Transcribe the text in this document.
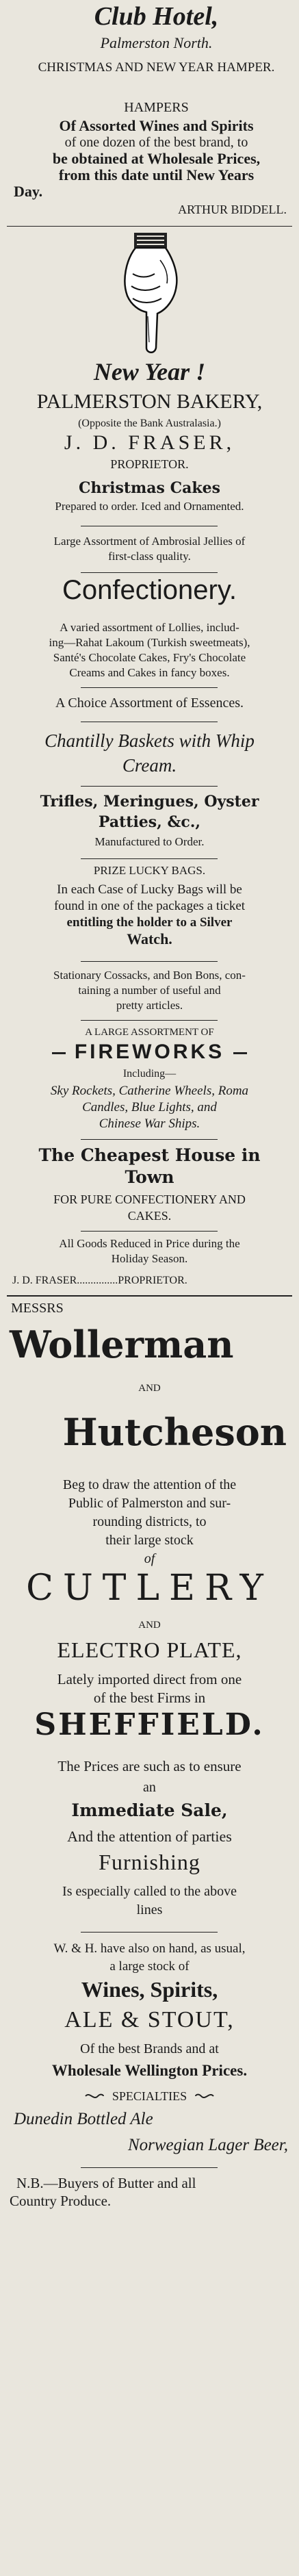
Club Hotel,
Palmerston North.
CHRISTMAS AND NEW YEAR HAMPER.
HAMPERS
Of Assorted Wines and Spirits
of one dozen of the best brand, to
be obtained at Wholesale Prices,
from this date until New Years
Day.
ARTHUR BIDDELL.
New Year !
PALMERSTON BAKERY,
(Opposite the Bank Australasia.)
J. D. FRASER,
PROPRIETOR.
Christmas Cakes
Prepared to order. Iced and Ornamented.
Large Assortment of Ambrosial Jellies of
first-class quality.
Confectionery.
A varied assortment of Lollies, includ-
ing—Rahat Lakoum (Turkish sweetmeats),
Santé's Chocolate Cakes, Fry's Chocolate
Creams and Cakes in fancy boxes.
A Choice Assortment of Essences.
Chantilly Baskets with Whip
Cream.
Trifles, Meringues, Oyster
Patties, &c.,
Manufactured to Order.
PRIZE LUCKY BAGS.
In each Case of Lucky Bags will be
found in one of the packages a ticket
entitling the holder to a Silver
Watch.
Stationary Cossacks, and Bon Bons, con-
taining a number of useful and
pretty articles.
A LARGE ASSORTMENT OF
FIREWORKS
Including—
Sky Rockets, Catherine Wheels, Roma
Candles, Blue Lights, and
Chinese War Ships.
The Cheapest House in
Town
FOR PURE CONFECTIONERY AND
CAKES.
All Goods Reduced in Price during the
Holiday Season.
J. D. FRASER...............PROPRIETOR.
MESSRS
Wollerman
AND
Hutcheson
Beg to draw the attention of the
Public of Palmerston and sur-
rounding districts, to
their large stock
of
CUTLERY
AND
ELECTRO PLATE,
Lately imported direct from one
of the best Firms in
SHEFFIELD.
The Prices are such as to ensure
an
Immediate Sale,
And the attention of parties
Furnishing
Is especially called to the above
lines
W. & H. have also on hand, as usual,
a large stock of
Wines, Spirits,
ALE & STOUT,
Of the best Brands and at
Wholesale Wellington Prices.
SPECIALTIES
Dunedin Bottled Ale
Norwegian Lager Beer,
N.B.—Buyers of Butter and all
Country Produce.
